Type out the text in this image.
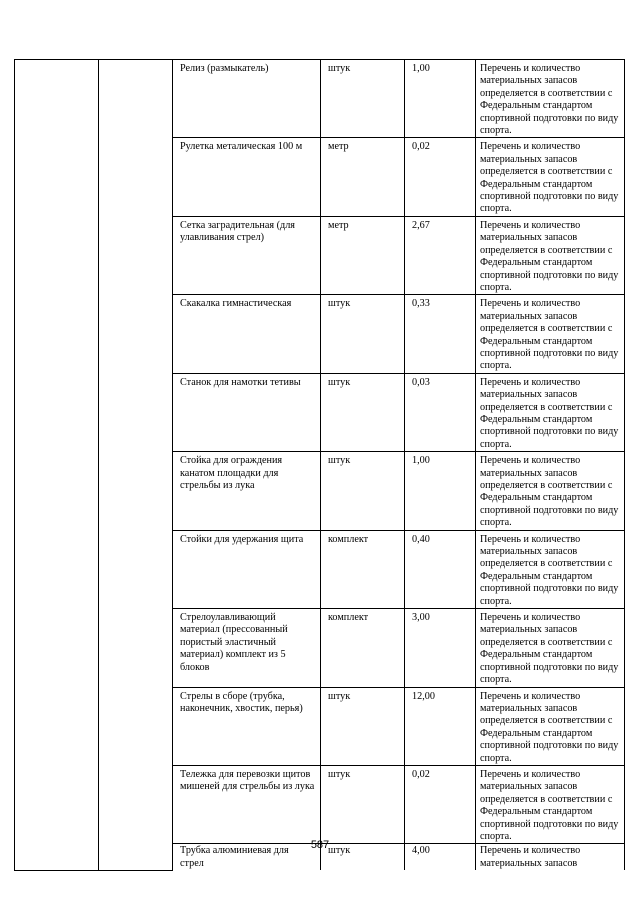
		Релиз (размыкатель)	штук	1,00	Перечень и количество материальных запасов определяется в соответствии с Федеральным стандартом спортивной подготовки по виду спорта.
		Рулетка металическая 100 м	метр	0,02	Перечень и количество материальных запасов определяется в соответствии с Федеральным стандартом спортивной подготовки по виду спорта.
		Сетка заградительная (для улавливания стрел)	метр	2,67	Перечень и количество материальных запасов определяется в соответствии с Федеральным стандартом спортивной подготовки по виду спорта.
		Скакалка гимнастическая	штук	0,33	Перечень и количество материальных запасов определяется в соответствии с Федеральным стандартом спортивной подготовки по виду спорта.
		Станок для намотки тетивы	штук	0,03	Перечень и количество материальных запасов определяется в соответствии с Федеральным стандартом спортивной подготовки по виду спорта.
		Стойка для ограждения канатом площадки для стрельбы из лука	штук	1,00	Перечень и количество материальных запасов определяется в соответствии с Федеральным стандартом спортивной подготовки по виду спорта.
		Стойки для удержания щита	комплект	0,40	Перечень и количество материальных запасов определяется в соответствии с Федеральным стандартом спортивной подготовки по виду спорта.
		Стрелоулавливающий материал (прессованный пористый эластичный материал) комплект из 5 блоков	комплект	3,00	Перечень и количество материальных запасов определяется в соответствии с Федеральным стандартом спортивной подготовки по виду спорта.
		Стрелы в сборе (трубка, наконечник, хвостик, перья)	штук	12,00	Перечень и количество материальных запасов определяется в соответствии с Федеральным стандартом спортивной подготовки по виду спорта.
		Тележка для перевозки щитов мишеней для стрельбы из лука	штук	0,02	Перечень и количество материальных запасов определяется в соответствии с Федеральным стандартом спортивной подготовки по виду спорта.
		Трубка алюминиевая для стрел	штук	4,00	Перечень и количество материальных запасов
587
